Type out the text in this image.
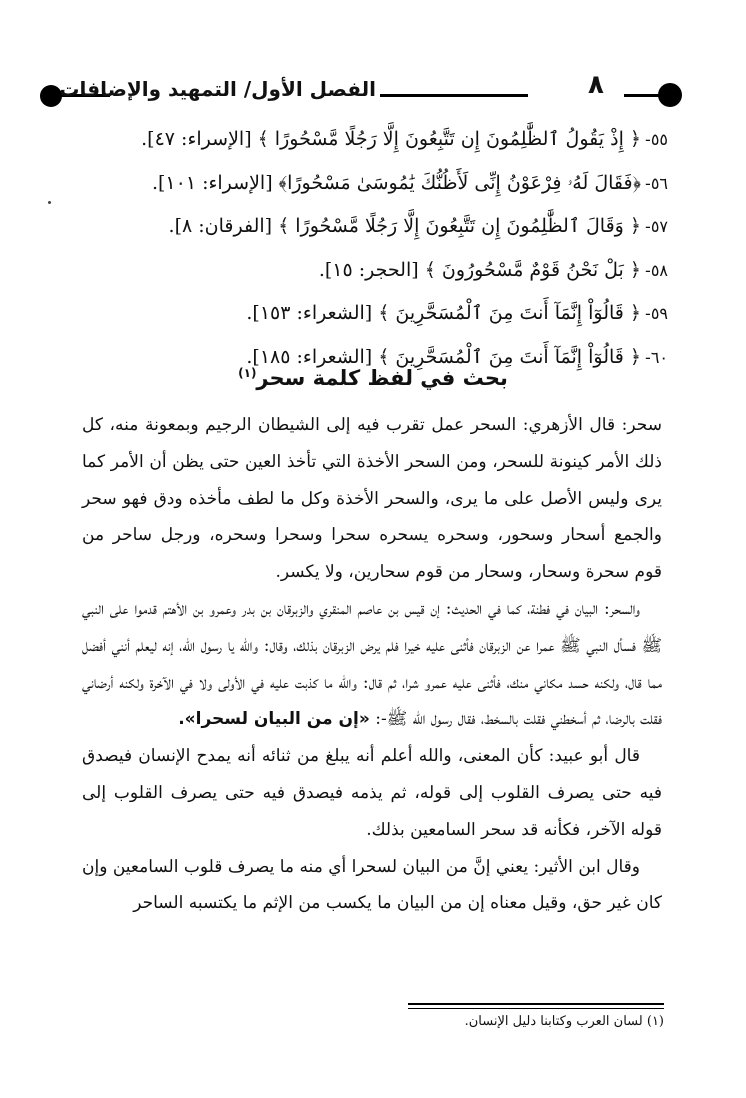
الفصل الأول/ التمهيد والإضافات	٨
٥٥-﴿ إِذْ يَقُولُ ٱلظَّٰلِمُونَ إِن تَتَّبِعُونَ إِلَّا رَجُلًا مَّسْحُورًا ﴾ [الإسراء: ٤٧].
٥٦-﴿فَقَالَ لَهُۥ فِرْعَوْنُ إِنِّى لَأَظُنُّكَ يَٰمُوسَىٰ مَسْحُورًا﴾ [الإسراء: ١٠١].
٥٧-﴿ وَقَالَ ٱلظَّٰلِمُونَ إِن تَتَّبِعُونَ إِلَّا رَجُلًا مَّسْحُورًا ﴾ [الفرقان: ٨].
٥٨-﴿ بَلْ نَحْنُ قَوْمٌ مَّسْحُورُونَ ﴾ [الحجر: ١٥].
٥٩-﴿ قَالُوٓاْ إِنَّمَآ أَنتَ مِنَ ٱلْمُسَحَّرِينَ ﴾ [الشعراء: ١٥٣].
٦٠-﴿ قَالُوٓاْ إِنَّمَآ أَنتَ مِنَ ٱلْمُسَحَّرِينَ ﴾ [الشعراء: ١٨٥].
بحث في لفظ كلمة سحر$^{(١)}$

سحر: قال الأزهري: السحر عمل تقرب فيه إلى الشيطان الرجيم وبمعونة منه، كل ذلك الأمر كينونة للسحر، ومن السحر الأخذة التي تأخذ العين حتى يظن أن الأمر كما يرى وليس الأصل على ما يرى، والسحر الأخذة وكل ما لطف مأخذه ودق فهو سحر والجمع أسحار وسحور، وسحره يسحره سحرا وسحرا وسحره، ورجل ساحر من قوم سحرة وسحار، وسحار من قوم سحارين، ولا يكسر.

والسحر: البيان في فطنة، كما في الحديث: إن قيس بن عاصم المنقري والزبرقان بن بدر وعمرو بن الأهتم قدموا على النبي ﷺ فسأل النبي ﷺ عمرا عن الزبرقان فأثنى عليه خيرا فلم يرض الزبرقان بذلك، وقال: والله يا رسول الله، إنه ليعلم أنني أفضل مما قال، ولكنه حسد مكاني منك، فأثنى عليه عمرو شرا، ثم قال: والله ما كذبت عليه في الأولى ولا في الآخرة ولكنه أرضاني فقلت بالرضا، ثم أسخطني فقلت بالسخط، فقال رسول الله ﷺ-: «إن من البيان لسحرا».

قال أبو عبيد: كأن المعنى، والله أعلم أنه يبلغ من ثنائه أنه يمدح الإنسان فيصدق فيه حتى يصرف القلوب إلى قوله، ثم يذمه فيصدق فيه حتى يصرف القلوب إلى قوله الآخر، فكأنه قد سحر السامعين بذلك.

وقال ابن الأثير: يعني إنَّ من البيان لسحرا أي منه ما يصرف قلوب السامعين وإن كان غير حق، وقيل معناه إن من البيان ما يكسب من الإثم ما يكتسبه الساحر

(١) لسان العرب وكتابنا دليل الإنسان.
